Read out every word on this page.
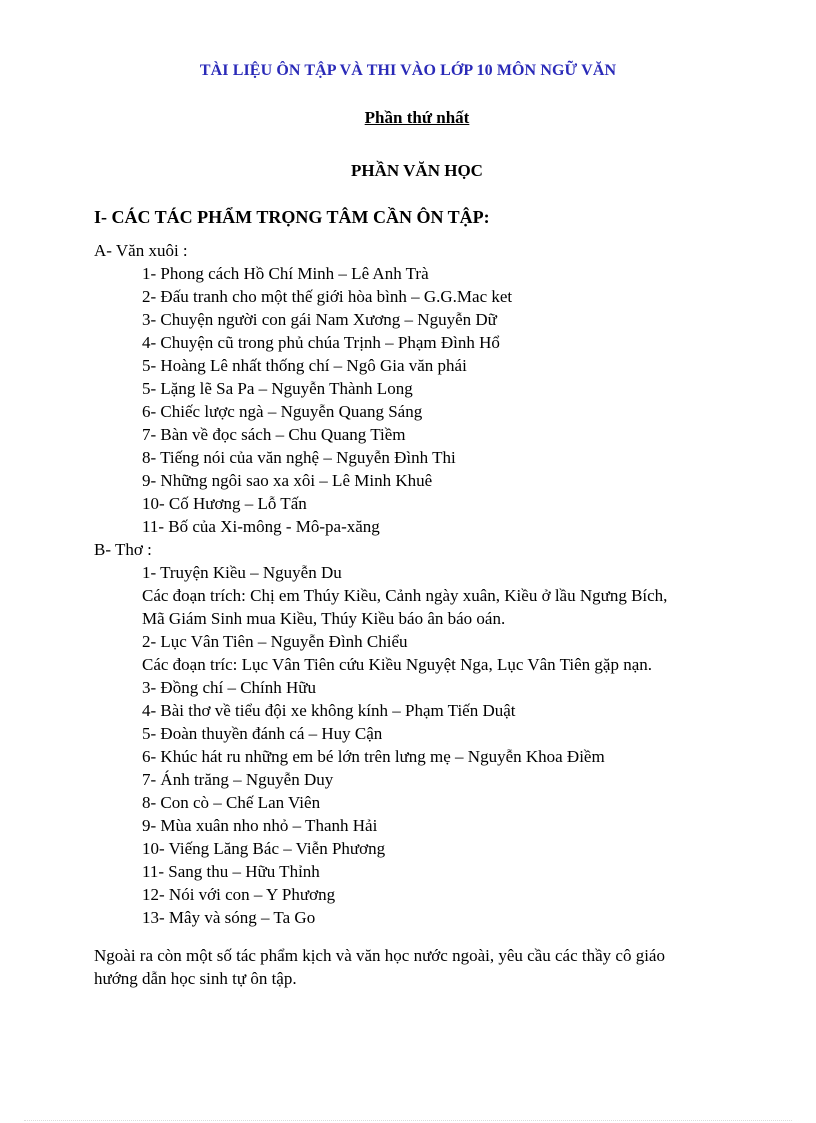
TÀI LIỆU ÔN TẬP VÀ THI VÀO LỚP 10 MÔN NGỮ VĂN
Phần thứ nhất
PHẦN VĂN HỌC
I- CÁC TÁC PHẨM TRỌNG TÂM CẦN ÔN TẬP:
A- Văn xuôi :
1- Phong cách Hồ Chí Minh – Lê Anh Trà
2- Đấu tranh cho một thế giới hòa bình – G.G.Mac ket
3- Chuyện người con gái Nam Xương – Nguyễn Dữ
4- Chuyện cũ trong phủ chúa Trịnh – Phạm Đình Hổ
5- Hoàng Lê nhất thống chí – Ngô Gia văn phái
5- Lặng lẽ Sa Pa – Nguyễn Thành Long
6- Chiếc lược ngà – Nguyễn Quang Sáng
7- Bàn về đọc sách – Chu Quang Tiềm
8- Tiếng nói của văn nghệ – Nguyễn Đình Thi
9- Những ngôi sao xa xôi – Lê Minh Khuê
10- Cố Hương – Lỗ Tấn
11- Bố của Xi-mông - Mô-pa-xăng
B- Thơ :
1- Truyện Kiều – Nguyễn Du
Các đoạn trích: Chị em Thúy Kiều, Cảnh ngày xuân, Kiều ở lầu Ngưng Bích,
Mã Giám Sinh mua Kiều, Thúy Kiều báo ân báo oán.
2- Lục Vân Tiên – Nguyễn Đình Chiểu
Các đoạn tríc: Lục Vân Tiên cứu Kiều Nguyệt Nga, Lục Vân Tiên gặp nạn.
3- Đồng chí – Chính Hữu
4- Bài thơ về tiểu đội xe không kính – Phạm Tiến Duật
5- Đoàn thuyền đánh cá – Huy Cận
6- Khúc hát ru những em bé lớn trên lưng mẹ – Nguyễn Khoa Điềm
7- Ánh trăng – Nguyễn Duy
8- Con cò – Chế Lan Viên
9- Mùa xuân nho nhỏ – Thanh Hải
10- Viếng Lăng Bác – Viễn Phương
11- Sang thu – Hữu Thỉnh
12- Nói với con – Y Phương
13- Mây và sóng – Ta Go
Ngoài ra còn một số tác phẩm kịch và văn học nước ngoài, yêu cầu các thầy cô giáo
hướng dẫn học sinh tự ôn tập.
